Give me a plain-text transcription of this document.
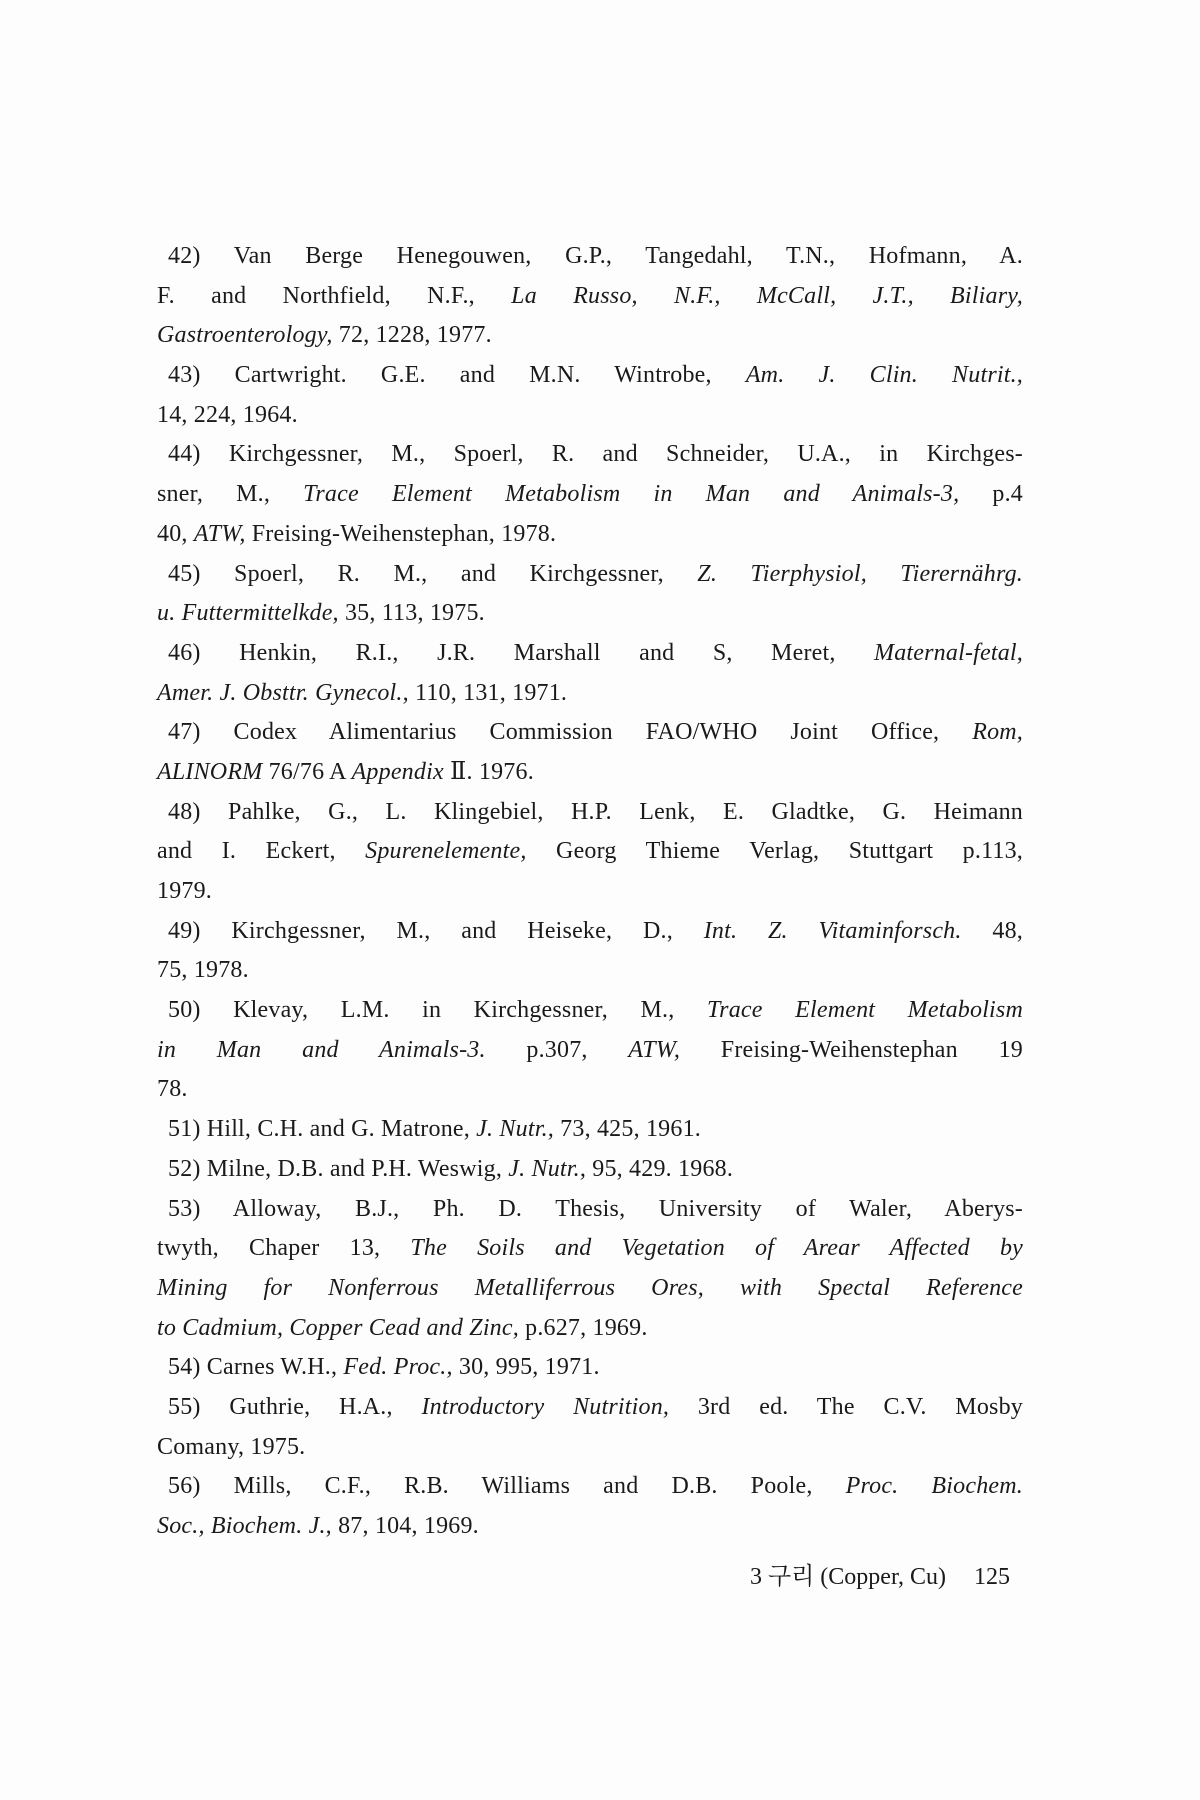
42) Van Berge Henegouwen, G.P., Tangedahl, T.N., Hofmann, A.
F. and Northfield, N.F., La Russo, N.F., McCall, J.T., Biliary,
Gastroenterology, 72, 1228, 1977.
43) Cartwright. G.E. and M.N. Wintrobe, Am. J. Clin. Nutrit.,
14, 224, 1964.
44) Kirchgessner, M., Spoerl, R. and Schneider, U.A., in Kirchges-
sner, M., Trace Element Metabolism in Man and Animals-3, p.4
40, ATW, Freising-Weihenstephan, 1978.
45) Spoerl, R. M., and Kirchgessner, Z. Tierphysiol, Tierernährg.
u. Futtermittelkde, 35, 113, 1975.
46) Henkin, R.I., J.R. Marshall and S, Meret, Maternal-fetal,
Amer. J. Obsttr. Gynecol., 110, 131, 1971.
47) Codex Alimentarius Commission FAO/WHO Joint Office, Rom,
ALINORM 76/76 A Appendix Ⅱ. 1976.
48) Pahlke, G., L. Klingebiel, H.P. Lenk, E. Gladtke, G. Heimann
and I. Eckert, Spurenelemente, Georg Thieme Verlag, Stuttgart p.113,
1979.
49) Kirchgessner, M., and Heiseke, D., Int. Z. Vitaminforsch. 48,
75, 1978.
50) Klevay, L.M. in Kirchgessner, M., Trace Element Metabolism
in Man and Animals-3. p.307, ATW, Freising-Weihenstephan 19
78.
51) Hill, C.H. and G. Matrone, J. Nutr., 73, 425, 1961.
52) Milne, D.B. and P.H. Weswig, J. Nutr., 95, 429. 1968.
53) Alloway, B.J., Ph. D. Thesis, University of Waler, Aberys-
twyth, Chaper 13, The Soils and Vegetation of Arear Affected by
Mining for Nonferrous Metalliferrous Ores, with Spectal Reference
to Cadmium, Copper Cead and Zinc, p.627, 1969.
54) Carnes W.H., Fed. Proc., 30, 995, 1971.
55) Guthrie, H.A., Introductory Nutrition, 3rd ed. The C.V. Mosby
Comany, 1975.
56) Mills, C.F., R.B. Williams and D.B. Poole, Proc. Biochem.
Soc., Biochem. J., 87, 104, 1969.
3 구리 (Copper, Cu) 125
